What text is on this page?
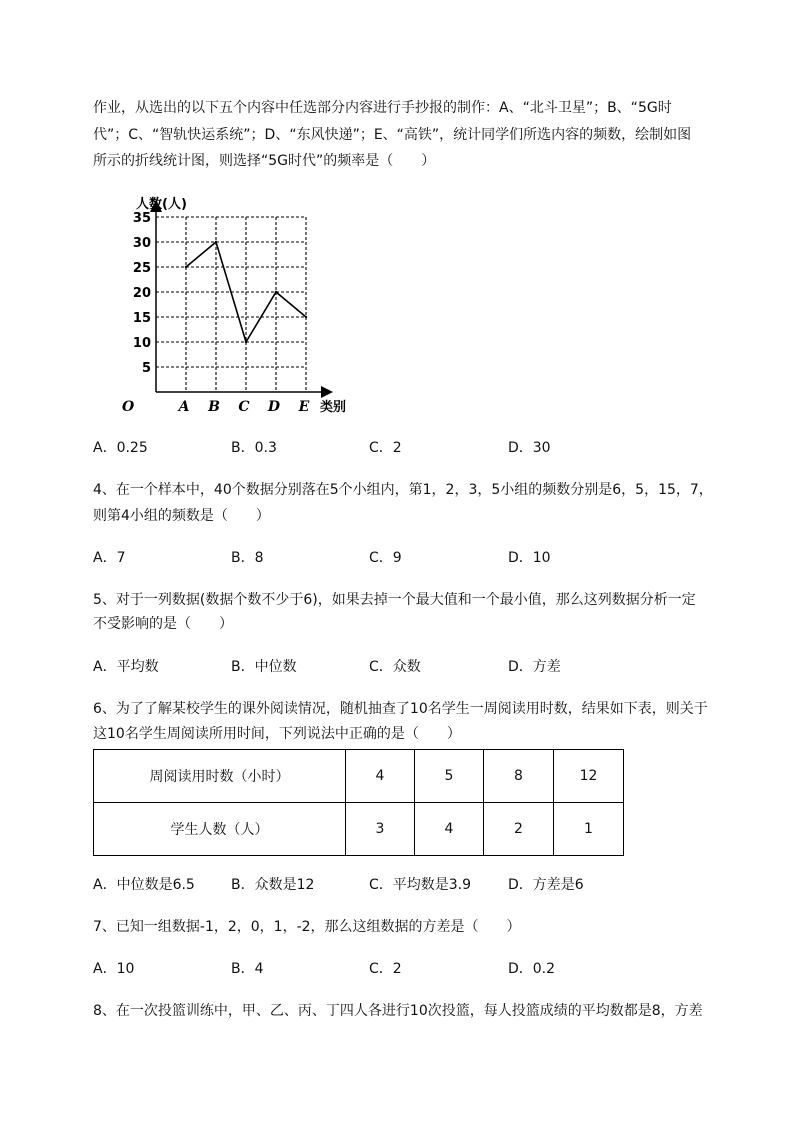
作业，从选出的以下五个内容中任选部分内容进行手抄报的制作：A、“北斗卫星”；B、“5G时
代”；C、“智轨快运系统”；D、“东风快递”；E、“高铁”，统计同学们所选内容的频数，绘制如图
所示的折线统计图，则选择“5G时代”的频率是（　　）
5
10
15
20
25
30
35
A B C D E
人数(人)
类别
O
A．0.25	B．0.3	C．2	D．30
4、在一个样本中，40个数据分别落在5个小组内，第1，2，3，5小组的频数分别是6，5，15，7，
则第4小组的频数是（　　）
A．7	B．8	C．9	D．10
5、对于一列数据(数据个数不少于6)，如果去掉一个最大值和一个最小值，那么这列数据分析一定
不受影响的是（　　）
A．平均数	B．中位数	C．众数	D．方差
6、为了了解某校学生的课外阅读情况，随机抽查了10名学生一周阅读用时数，结果如下表，则关于
这10名学生周阅读所用时间，下列说法中正确的是（　　）
周阅读用时数（小时）	4	5	8	12
学生人数（人）	3	4	2	1
A．中位数是6.5	B．众数是12	C．平均数是3.9	D．方差是6
7、已知一组数据-1，2，0，1，-2，那么这组数据的方差是（　　）
A．10	B．4	C．2	D．0.2
8、在一次投篮训练中，甲、乙、丙、丁四人各进行10次投篮，每人投篮成绩的平均数都是8，方差
